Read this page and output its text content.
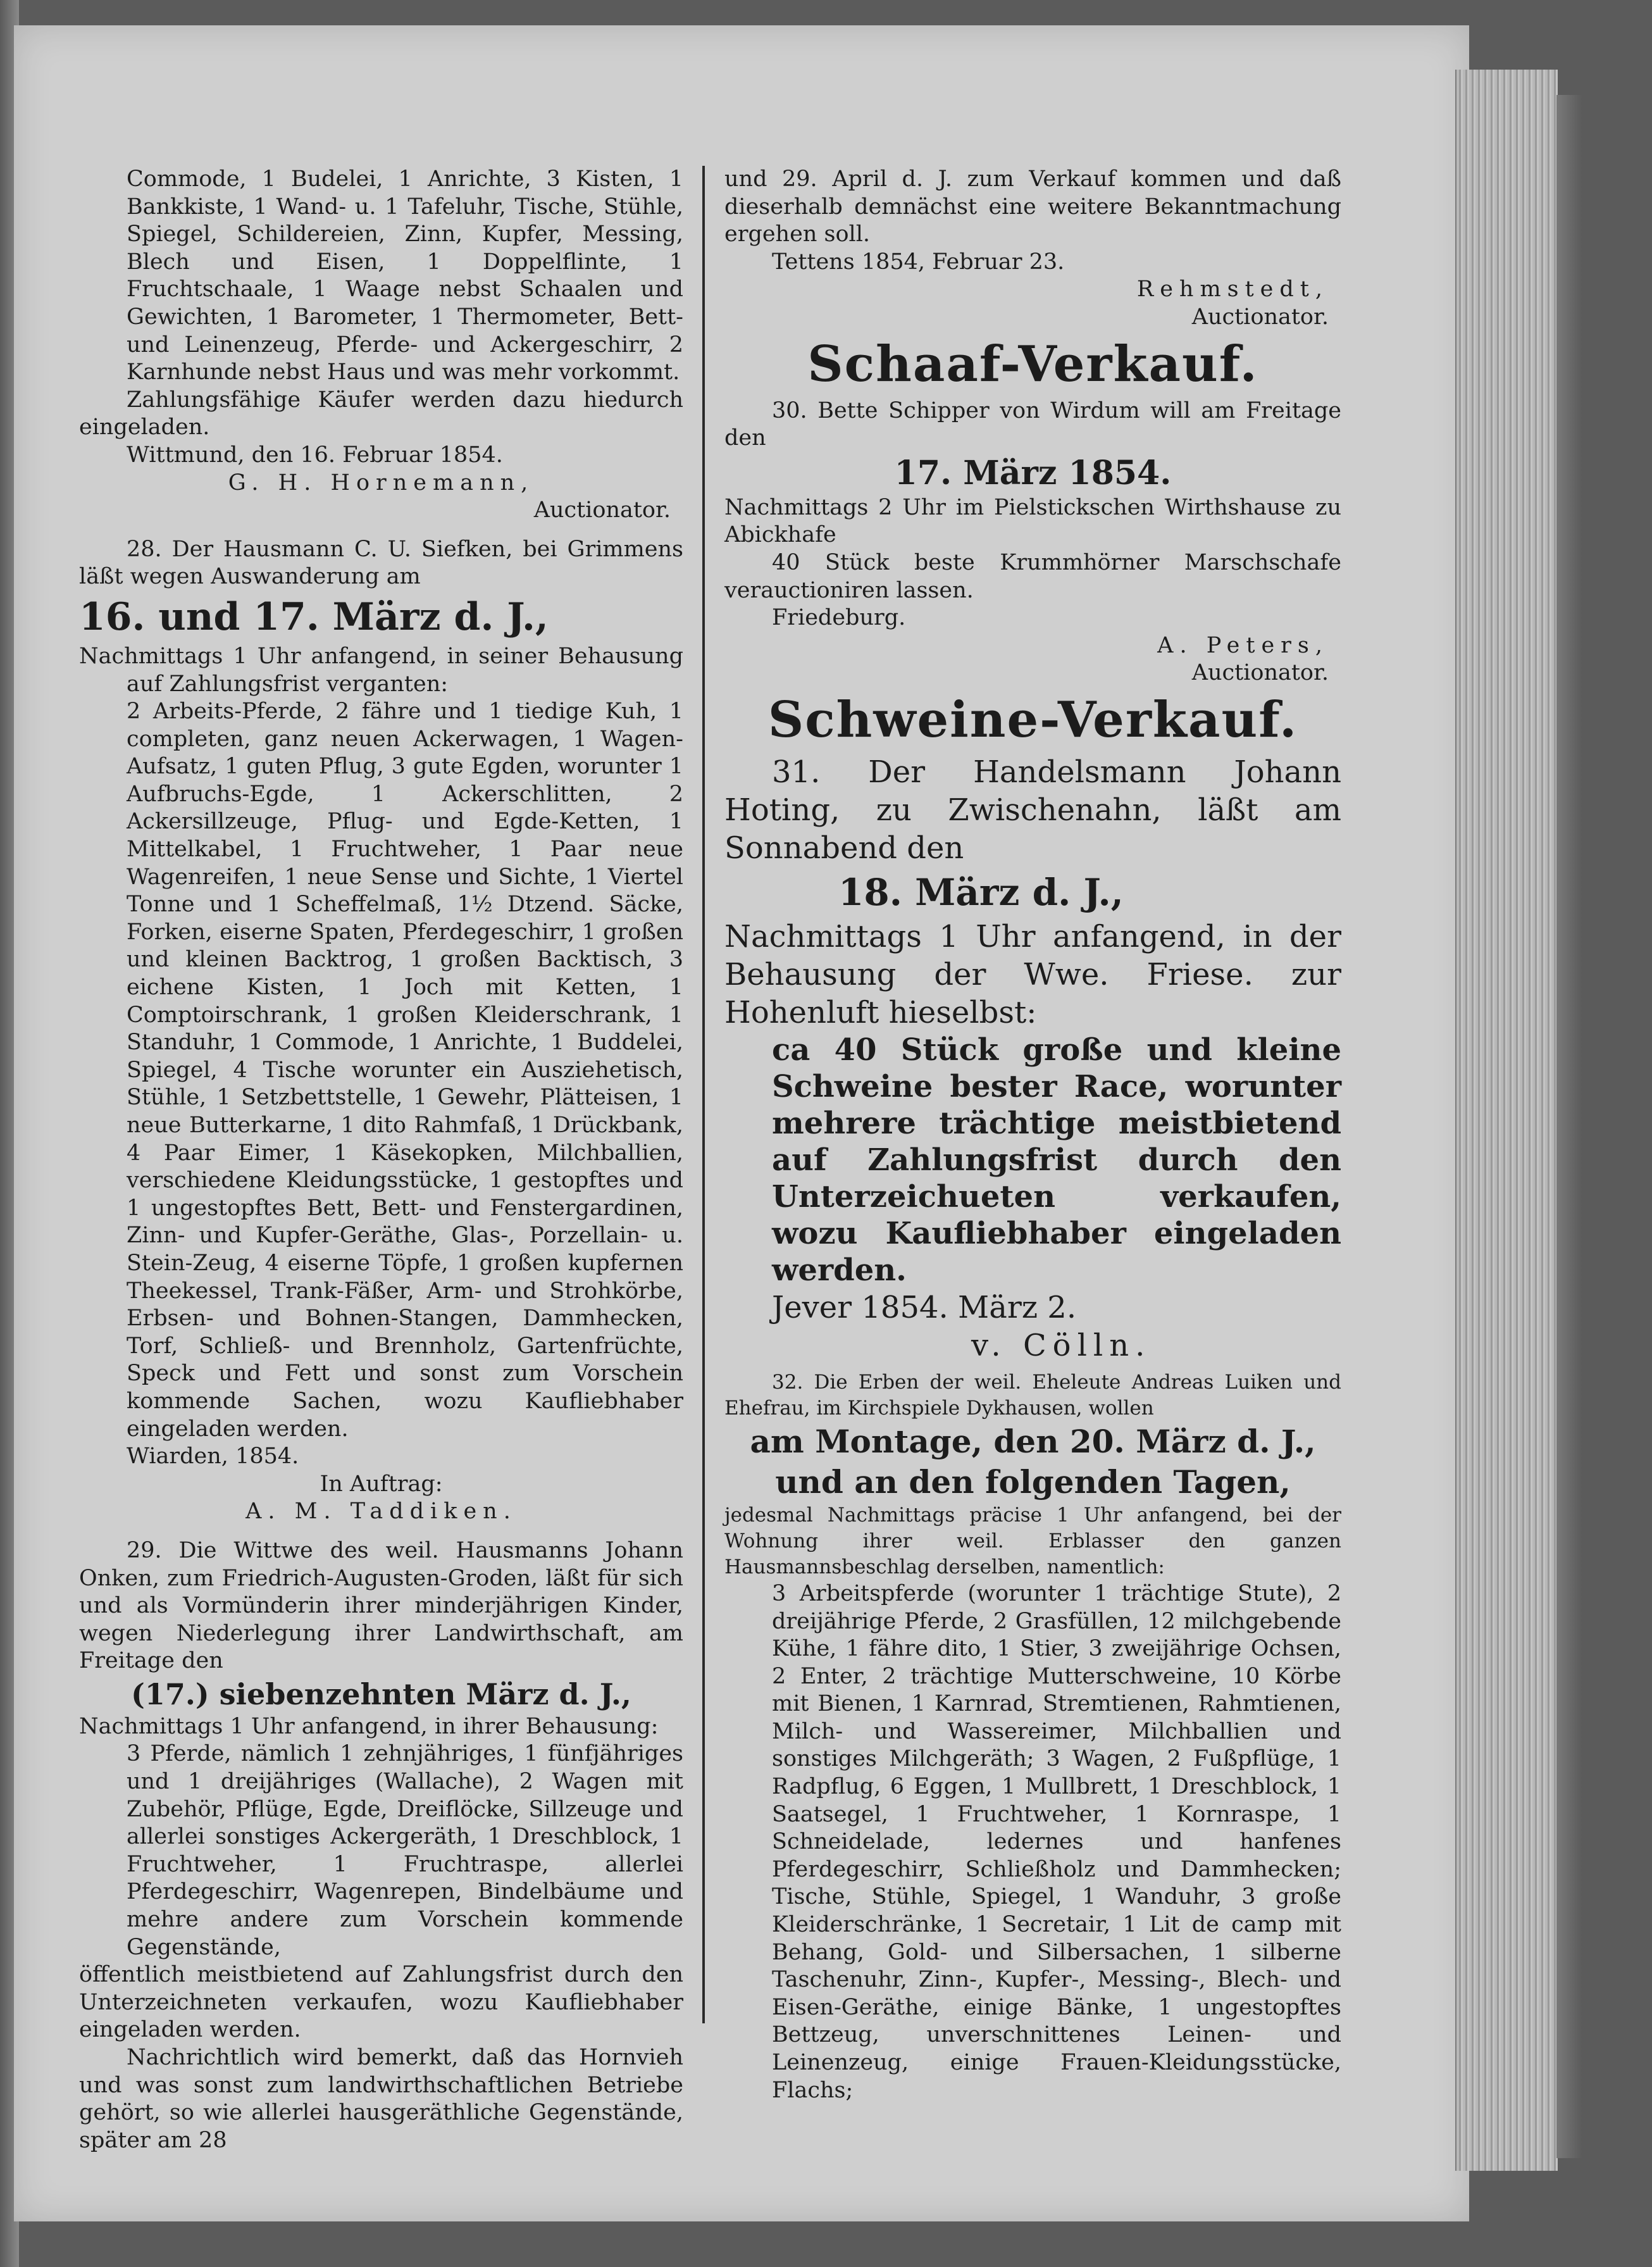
Commode, 1 Budelei, 1 Anrichte, 3 Kisten, 1 Bankkiste, 1 Wand- u. 1 Tafeluhr, Tische, Stühle, Spiegel, Schildereien, Zinn, Kupfer, Messing, Blech und Eisen, 1 Doppelflinte, 1 Fruchtschaale, 1 Waage nebst Schaalen und Gewichten, 1 Barometer, 1 Thermometer, Bett- und Leinenzeug, Pferde- und Ackergeschirr, 2 Karnhunde nebst Haus und was mehr vorkommt.

Zahlungsfähige Käufer werden dazu hiedurch eingeladen.

Wittmund, den 16. Februar 1854.

G. H. Hornemann,

Auctionator.

28. Der Hausmann C. U. Siefken, bei Grimmens läßt wegen Auswanderung am

16. und 17. März d. J.,

Nachmittags 1 Uhr anfangend, in seiner Behausung auf Zahlungsfrist verganten:

2 Arbeits-Pferde, 2 fähre und 1 tiedige Kuh, 1 completen, ganz neuen Ackerwagen, 1 Wagen-Aufsatz, 1 guten Pflug, 3 gute Egden, worunter 1 Aufbruchs-Egde, 1 Ackerschlitten, 2 Ackersillzeuge, Pflug- und Egde-Ketten, 1 Mittelkabel, 1 Fruchtweher, 1 Paar neue Wagenreifen, 1 neue Sense und Sichte, 1 Viertel Tonne und 1 Scheffelmaß, 1½ Dtzend. Säcke, Forken, eiserne Spaten, Pferdegeschirr, 1 großen und kleinen Backtrog, 1 großen Backtisch, 3 eichene Kisten, 1 Joch mit Ketten, 1 Comptoirschrank, 1 großen Kleiderschrank, 1 Standuhr, 1 Commode, 1 Anrichte, 1 Buddelei, Spiegel, 4 Tische worunter ein Ausziehetisch, Stühle, 1 Setzbettstelle, 1 Gewehr, Plätteisen, 1 neue Butterkarne, 1 dito Rahmfaß, 1 Drückbank, 4 Paar Eimer, 1 Käsekopken, Milchballien, verschiedene Kleidungsstücke, 1 gestopftes und 1 ungestopftes Bett, Bett- und Fenstergardinen, Zinn- und Kupfer-Geräthe, Glas-, Porzellain- u. Stein-Zeug, 4 eiserne Töpfe, 1 großen kupfernen Theekessel, Trank-Fäßer, Arm- und Strohkörbe, Erbsen- und Bohnen-Stangen, Dammhecken, Torf, Schließ- und Brennholz, Gartenfrüchte, Speck und Fett und sonst zum Vorschein kommende Sachen, wozu Kaufliebhaber eingeladen werden.

Wiarden, 1854.

In Auftrag:

A. M. Taddiken.

29. Die Wittwe des weil. Hausmanns Johann Onken, zum Friedrich-Augusten-Groden, läßt für sich und als Vormünderin ihrer minderjährigen Kinder, wegen Niederlegung ihrer Landwirthschaft, am Freitage den

(17.) siebenzehnten März d. J.,

Nachmittags 1 Uhr anfangend, in ihrer Behausung:

3 Pferde, nämlich 1 zehnjähriges, 1 fünfjähriges und 1 dreijähriges (Wallache), 2 Wagen mit Zubehör, Pflüge, Egde, Dreiflöcke, Sillzeuge und allerlei sonstiges Ackergeräth, 1 Dreschblock, 1 Fruchtweher, 1 Fruchtraspe, allerlei Pferdegeschirr, Wagenrepen, Bindelbäume und mehre andere zum Vorschein kommende Gegenstände,

öffentlich meistbietend auf Zahlungsfrist durch den Unterzeichneten verkaufen, wozu Kaufliebhaber eingeladen werden.

Nachrichtlich wird bemerkt, daß das Hornvieh und was sonst zum landwirthschaftlichen Betriebe gehört, so wie allerlei hausgeräthliche Gegenstände, später am 28

und 29. April d. J. zum Verkauf kommen und daß dieserhalb demnächst eine weitere Bekanntmachung ergehen soll.

Tettens 1854, Februar 23.

Rehmstedt,

Auctionator.

Schaaf-Verkauf.

30. Bette Schipper von Wirdum will am Freitage den

17. März 1854.

Nachmittags 2 Uhr im Pielstickschen Wirthshause zu Abickhafe

40 Stück beste Krummhörner Marschschafe verauctioniren lassen.

Friedeburg.

A. Peters,

Auctionator.

Schweine-Verkauf.

31. Der Handelsmann Johann Hoting, zu Zwischenahn, läßt am Sonnabend den

18. März d. J.,

Nachmittags 1 Uhr anfangend, in der Behausung der Wwe. Friese. zur Hohenluft hieselbst:

ca 40 Stück große und kleine Schweine bester Race, worunter mehrere trächtige meistbietend auf Zahlungsfrist durch den Unterzeichueten verkaufen, wozu Kaufliebhaber eingeladen werden.

Jever 1854. März 2.

v. Cölln.

32. Die Erben der weil. Eheleute Andreas Luiken und Ehefrau, im Kirchspiele Dykhausen, wollen

am Montage, den 20. März d. J.,

und an den folgenden Tagen,

jedesmal Nachmittags präcise 1 Uhr anfangend, bei der Wohnung ihrer weil. Erblasser den ganzen Hausmannsbeschlag derselben, namentlich:

3 Arbeitspferde (worunter 1 trächtige Stute), 2 dreijährige Pferde, 2 Grasfüllen, 12 milchgebende Kühe, 1 fähre dito, 1 Stier, 3 zweijährige Ochsen, 2 Enter, 2 trächtige Mutterschweine, 10 Körbe mit Bienen, 1 Karnrad, Stremtienen, Rahmtienen, Milch- und Wassereimer, Milchballien und sonstiges Milchgeräth; 3 Wagen, 2 Fußpflüge, 1 Radpflug, 6 Eggen, 1 Mullbrett, 1 Dreschblock, 1 Saatsegel, 1 Fruchtweher, 1 Kornraspe, 1 Schneidelade, ledernes und hanfenes Pferdegeschirr, Schließholz und Dammhecken; Tische, Stühle, Spiegel, 1 Wanduhr, 3 große Kleiderschränke, 1 Secretair, 1 Lit de camp mit Behang, Gold- und Silbersachen, 1 silberne Taschenuhr, Zinn-, Kupfer-, Messing-, Blech- und Eisen-Geräthe, einige Bänke, 1 ungestopftes Bettzeug, unverschnittenes Leinen- und Leinenzeug, einige Frauen-Kleidungsstücke, Flachs;
